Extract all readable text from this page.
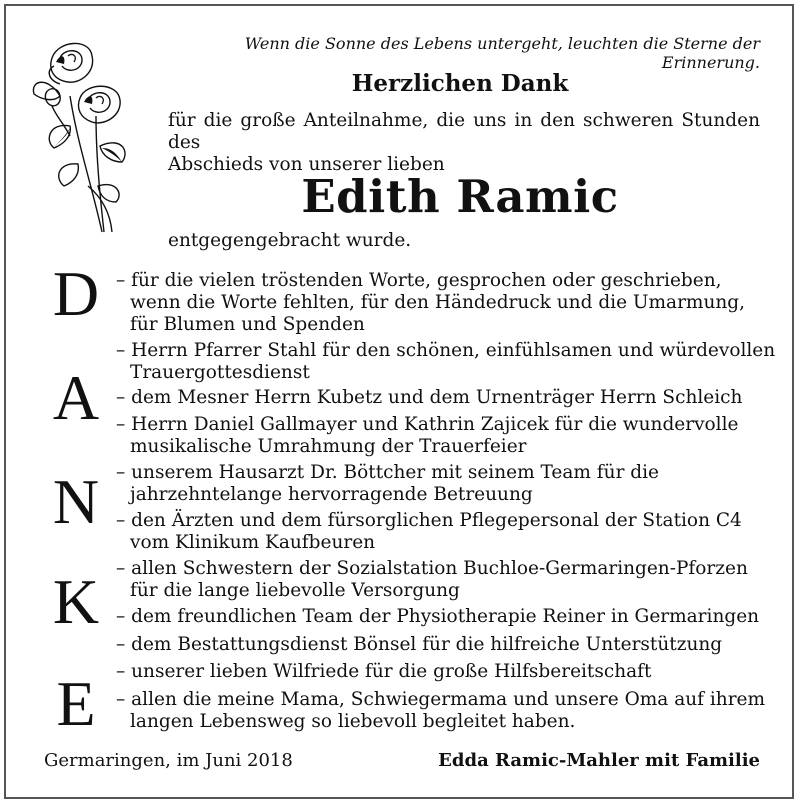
Wenn die Sonne des Lebens untergeht, leuchten die Sterne der Erinnerung.
Herzlichen Dank
für die große Anteilnahme, die uns in den schweren Stunden des
Abschieds von unserer lieben
Edith Ramic
entgegengebracht wurde.
D
A
N
K
E
– für die vielen tröstenden Worte, gesprochen oder geschrieben,
wenn die Worte fehlten, für den Händedruck und die Umarmung,
für Blumen und Spenden
– Herrn Pfarrer Stahl für den schönen, einfühlsamen und würdevollen
Trauergottesdienst
– dem Mesner Herrn Kubetz und dem Urnenträger Herrn Schleich
– Herrn Daniel Gallmayer und Kathrin Zajicek für die wundervolle
musikalische Umrahmung der Trauerfeier
– unserem Hausarzt Dr. Böttcher mit seinem Team für die
jahrzehntelange hervorragende Betreuung
– den Ärzten und dem fürsorglichen Pflegepersonal der Station C4
vom Klinikum Kaufbeuren
– allen Schwestern der Sozialstation Buchloe-Germaringen-Pforzen
für die lange liebevolle Versorgung
– dem freundlichen Team der Physiotherapie Reiner in Germaringen
– dem Bestattungsdienst Bönsel für die hilfreiche Unterstützung
– unserer lieben Wilfriede für die große Hilfsbereitschaft
– allen die meine Mama, Schwiegermama und unsere Oma auf ihrem
langen Lebensweg so liebevoll begleitet haben.
Germaringen, im Juni 2018	Edda Ramic-Mahler mit Familie
